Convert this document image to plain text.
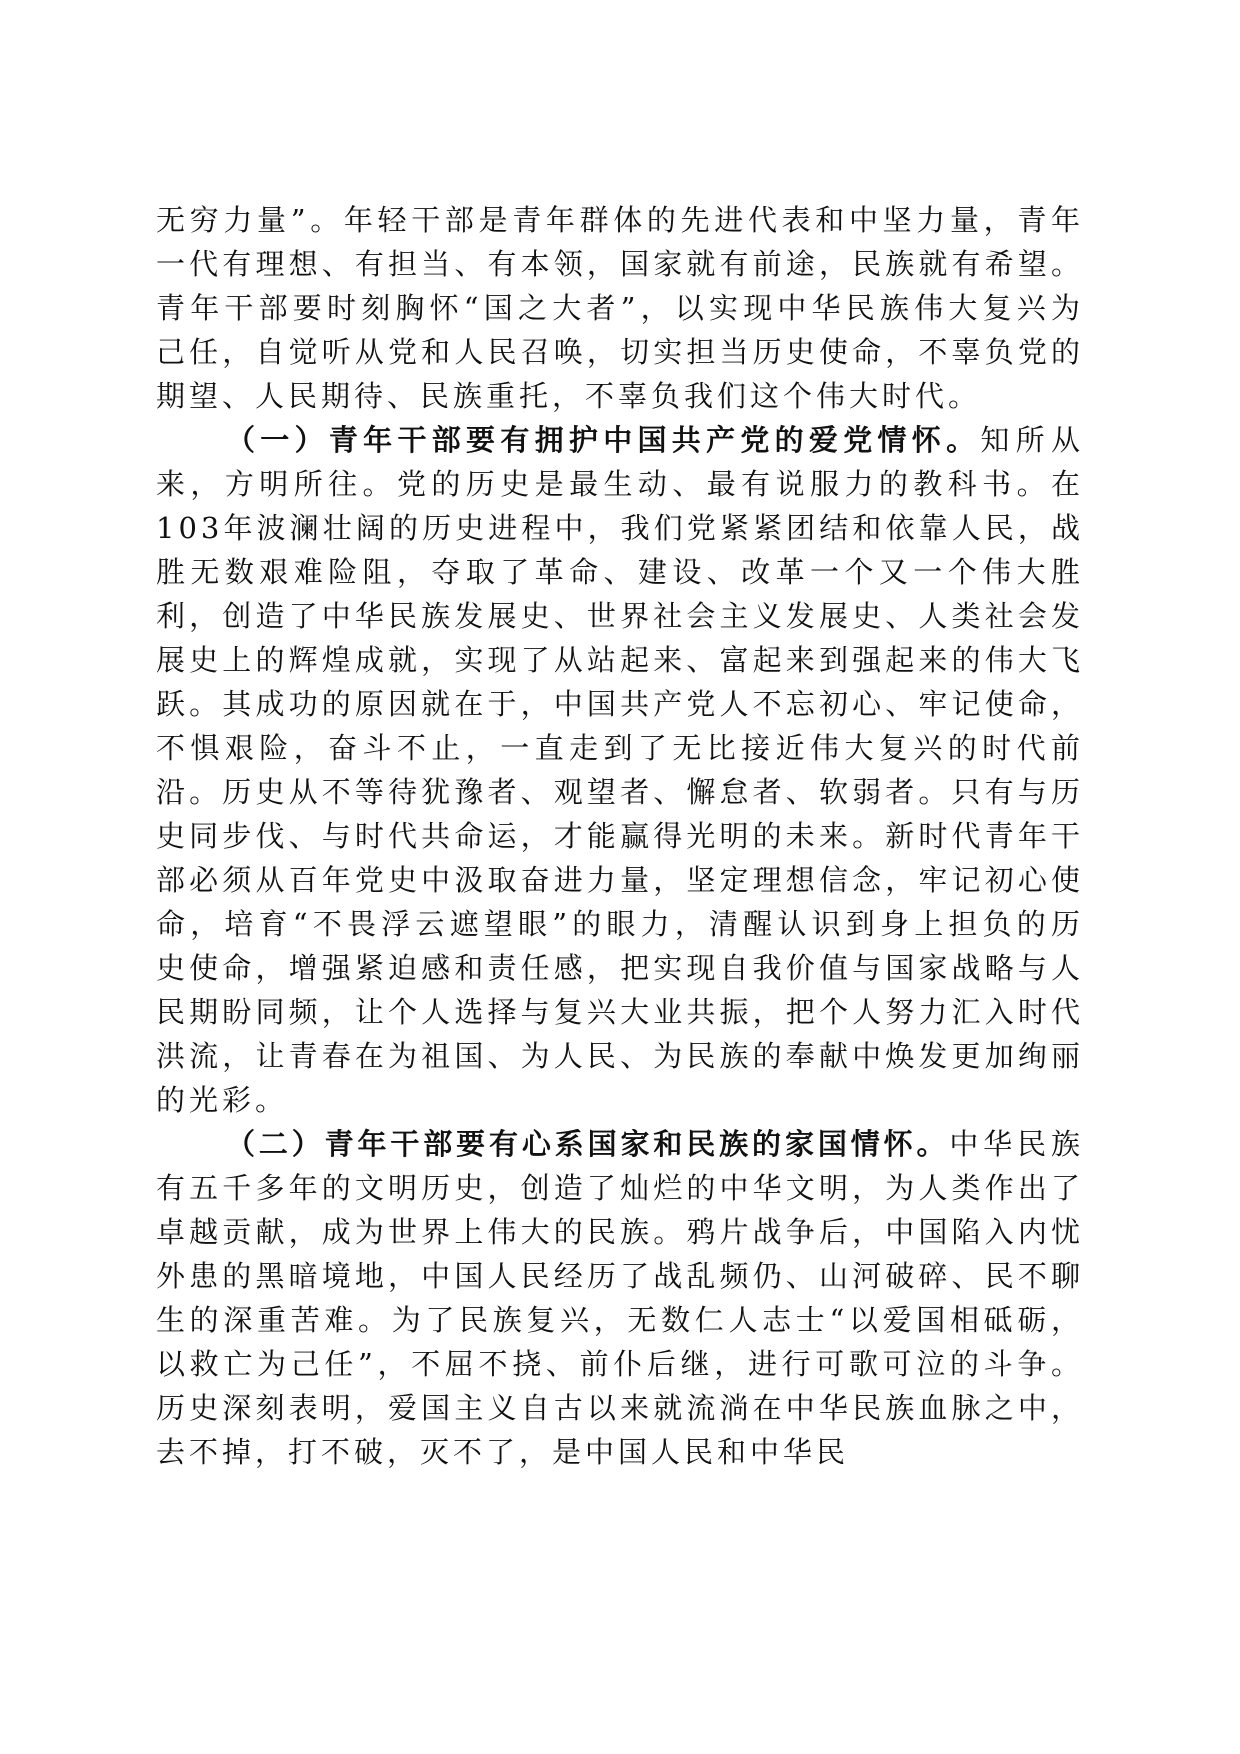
无穷力量”。年轻干部是青年群体的先进代表和中坚力量，青年一代有理想、有担当、有本领，国家就有前途，民族就有希望。青年干部要时刻胸怀“国之大者”，以实现中华民族伟大复兴为己任，自觉听从党和人民召唤，切实担当历史使命，不辜负党的期望、人民期待、民族重托，不辜负我们这个伟大时代。

（一）青年干部要有拥护中国共产党的爱党情怀。知所从来，方明所往。党的历史是最生动、最有说服力的教科书。在103年波澜壮阔的历史进程中，我们党紧紧团结和依靠人民，战胜无数艰难险阻，夺取了革命、建设、改革一个又一个伟大胜利，创造了中华民族发展史、世界社会主义发展史、人类社会发展史上的辉煌成就，实现了从站起来、富起来到强起来的伟大飞跃。其成功的原因就在于，中国共产党人不忘初心、牢记使命，不惧艰险，奋斗不止，一直走到了无比接近伟大复兴的时代前沿。历史从不等待犹豫者、观望者、懈怠者、软弱者。只有与历史同步伐、与时代共命运，才能赢得光明的未来。新时代青年干部必须从百年党史中汲取奋进力量，坚定理想信念，牢记初心使命，培育“不畏浮云遮望眼”的眼力，清醒认识到身上担负的历史使命，增强紧迫感和责任感，把实现自我价值与国家战略与人民期盼同频，让个人选择与复兴大业共振，把个人努力汇入时代洪流，让青春在为祖国、为人民、为民族的奉献中焕发更加绚丽的光彩。

（二）青年干部要有心系国家和民族的家国情怀。中华民族有五千多年的文明历史，创造了灿烂的中华文明，为人类作出了卓越贡献，成为世界上伟大的民族。鸦片战争后，中国陷入内忧外患的黑暗境地，中国人民经历了战乱频仍、山河破碎、民不聊生的深重苦难。为了民族复兴，无数仁人志士“以爱国相砥砺，以救亡为己任”，不屈不挠、前仆后继，进行可歌可泣的斗争。历史深刻表明，爱国主义自古以来就流淌在中华民族血脉之中，去不掉，打不破，灭不了，是中国人民和中华民
